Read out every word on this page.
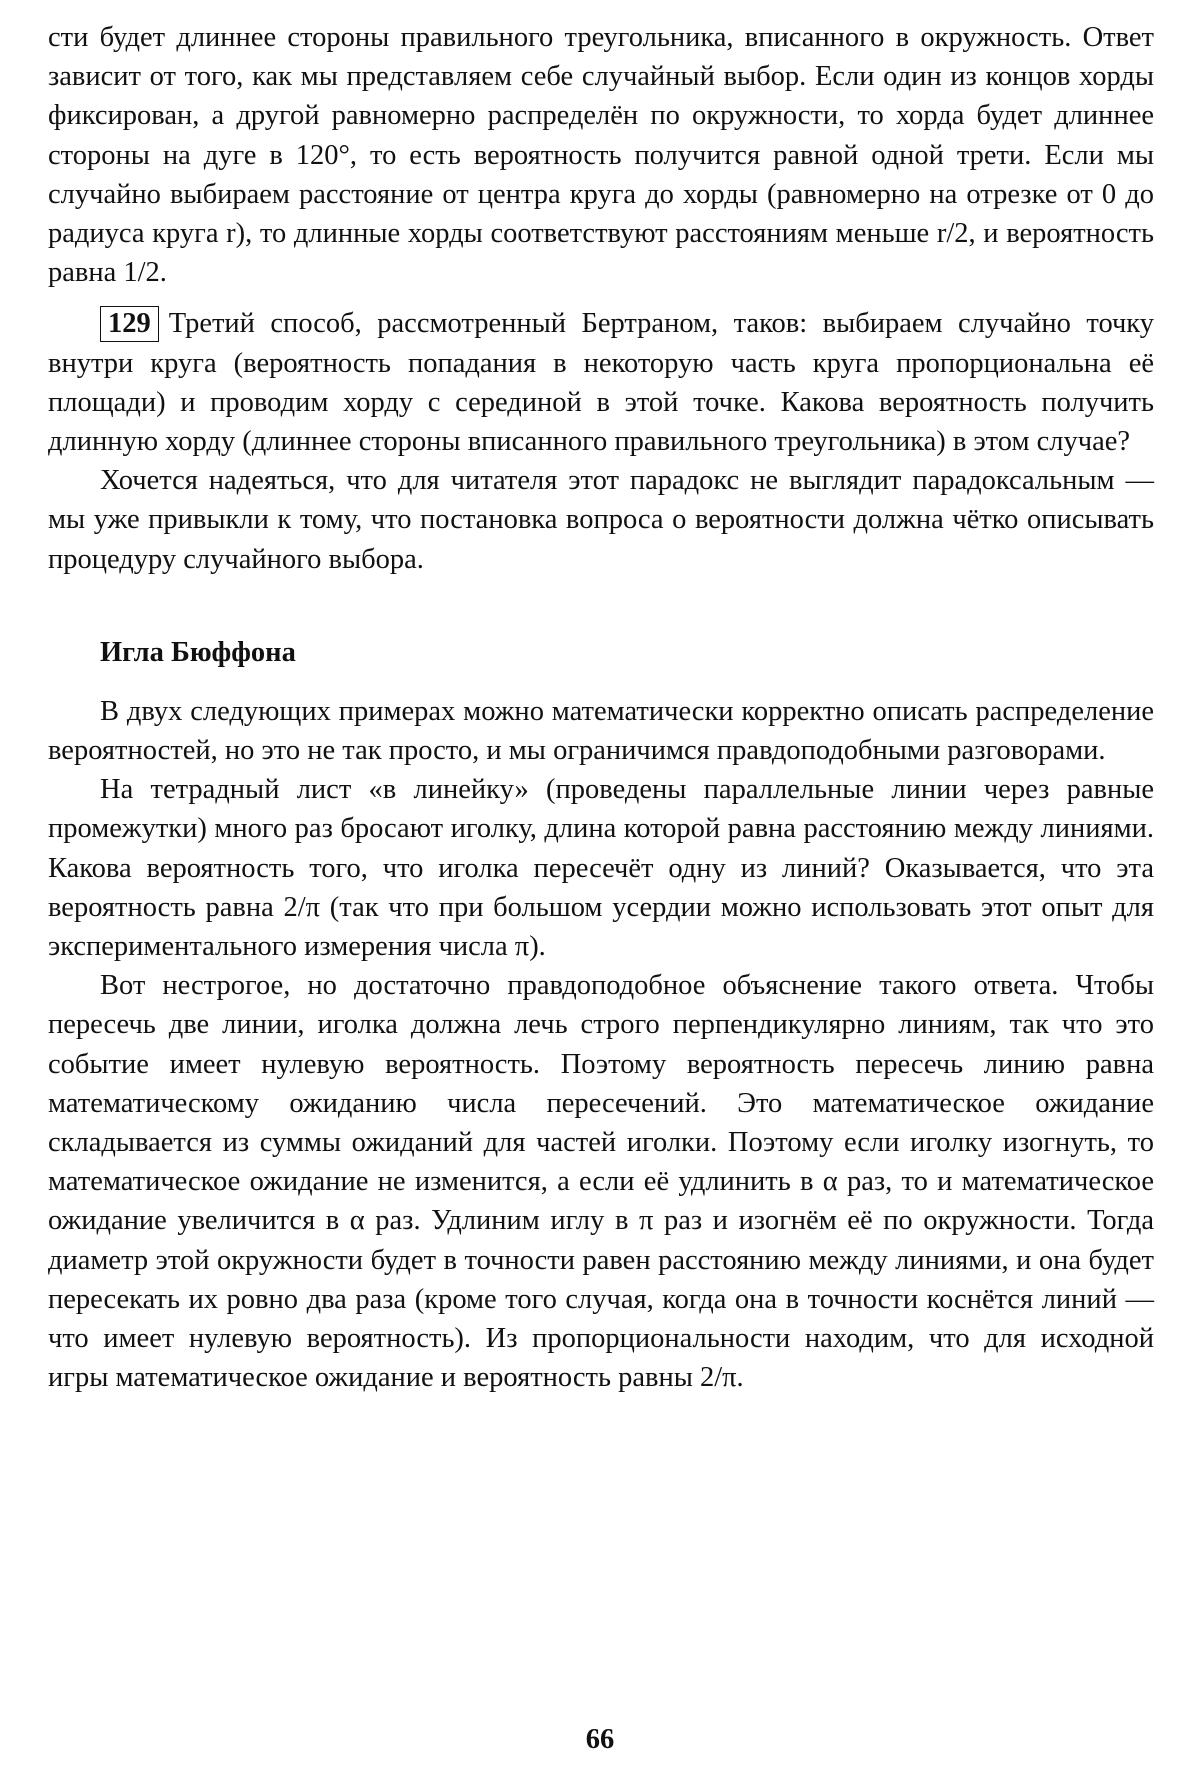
сти будет длиннее стороны правильного треугольника, вписанного в окружность. Ответ зависит от того, как мы представляем себе случайный выбор. Если один из концов хорды фиксирован, а другой равномерно распределён по окружности, то хорда будет длиннее стороны на дуге в 120°, то есть вероятность получится равной одной трети. Если мы случайно выбираем расстояние от центра круга до хорды (равномерно на отрезке от 0 до радиуса круга r), то длинные хорды соответствуют расстояниям меньше r/2, и вероятность равна 1/2.

129 Третий способ, рассмотренный Бертраном, таков: выбираем случайно точку внутри круга (вероятность попадания в некоторую часть круга пропорциональна её площади) и проводим хорду с серединой в этой точке. Какова вероятность получить длинную хорду (длиннее стороны вписанного правильного треугольника) в этом случае?

Хочется надеяться, что для читателя этот парадокс не выглядит парадоксальным — мы уже привыкли к тому, что постановка вопроса о вероятности должна чётко описывать процедуру случайного выбора.

Игла Бюффона

В двух следующих примерах можно математически корректно описать распределение вероятностей, но это не так просто, и мы ограничимся правдоподобными разговорами.

На тетрадный лист «в линейку» (проведены параллельные линии через равные промежутки) много раз бросают иголку, длина которой равна расстоянию между линиями. Какова вероятность того, что иголка пересечёт одну из линий? Оказывается, что эта вероятность равна 2/π (так что при большом усердии можно использовать этот опыт для экспериментального измерения числа π).

Вот нестрогое, но достаточно правдоподобное объяснение такого ответа. Чтобы пересечь две линии, иголка должна лечь строго перпендикулярно линиям, так что это событие имеет нулевую вероятность. Поэтому вероятность пересечь линию равна математическому ожиданию числа пересечений. Это математическое ожидание складывается из суммы ожиданий для частей иголки. Поэтому если иголку изогнуть, то математическое ожидание не изменится, а если её удлинить в α раз, то и математическое ожидание увеличится в α раз. Удлиним иглу в π раз и изогнём её по окружности. Тогда диаметр этой окружности будет в точности равен расстоянию между линиями, и она будет пересекать их ровно два раза (кроме того случая, когда она в точности коснётся линий — что имеет нулевую вероятность). Из пропорциональности находим, что для исходной игры математическое ожидание и вероятность равны 2/π.

66
